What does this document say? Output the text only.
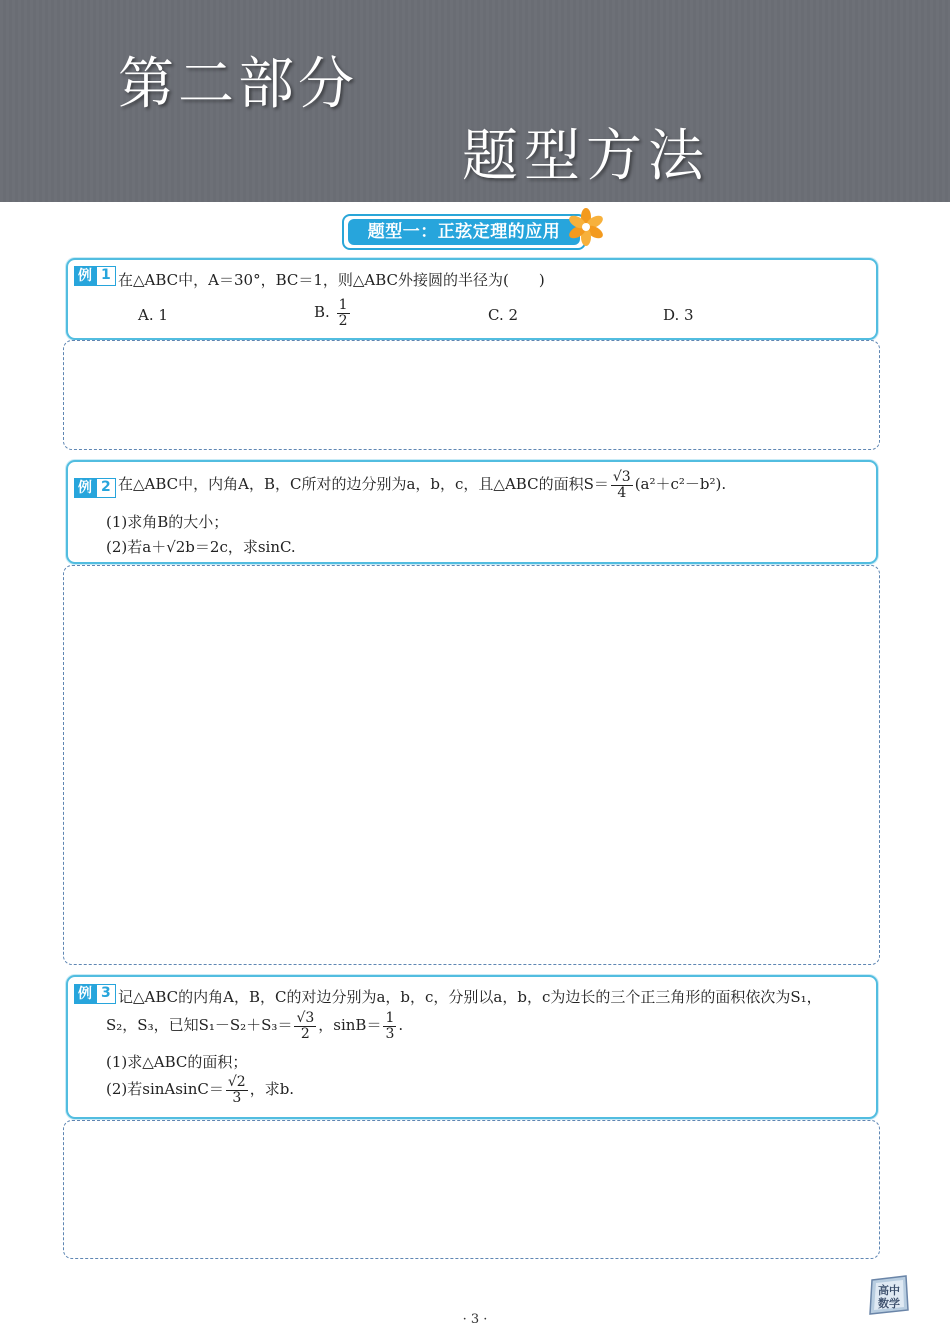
第二部分
题型方法
题型一：正弦定理的应用
例 1 在△ABC中，A＝30°，BC＝1，则△ABC外接圆的半径为(　　)
A. 1	B. $\frac{1}{2}$	C. 2	D. 3
例 2 在△ABC中，内角A，B，C所对的边分别为a，b，c，且△ABC的面积$S= \frac{√3}{4} (a^2+c^2-b^2)$.
(1)求角B的大小；
(2)若a＋√2b＝2c，求sinC.
例 3 记△ABC的内角A，B，C的对边分别为a，b，c，分别以a，b，c为边长的三个正三角形的面积依次为S₁，
S₂，S₃，已知$S_1-S_2+S_3= \frac{√3}{2}$ ，$\sin B= \frac{1}{3}$ .
(1)求△ABC的面积；
(2)若sinAsinC＝ $\frac{√2}{3}$ ，求b.
· 3 ·
高中
数学
